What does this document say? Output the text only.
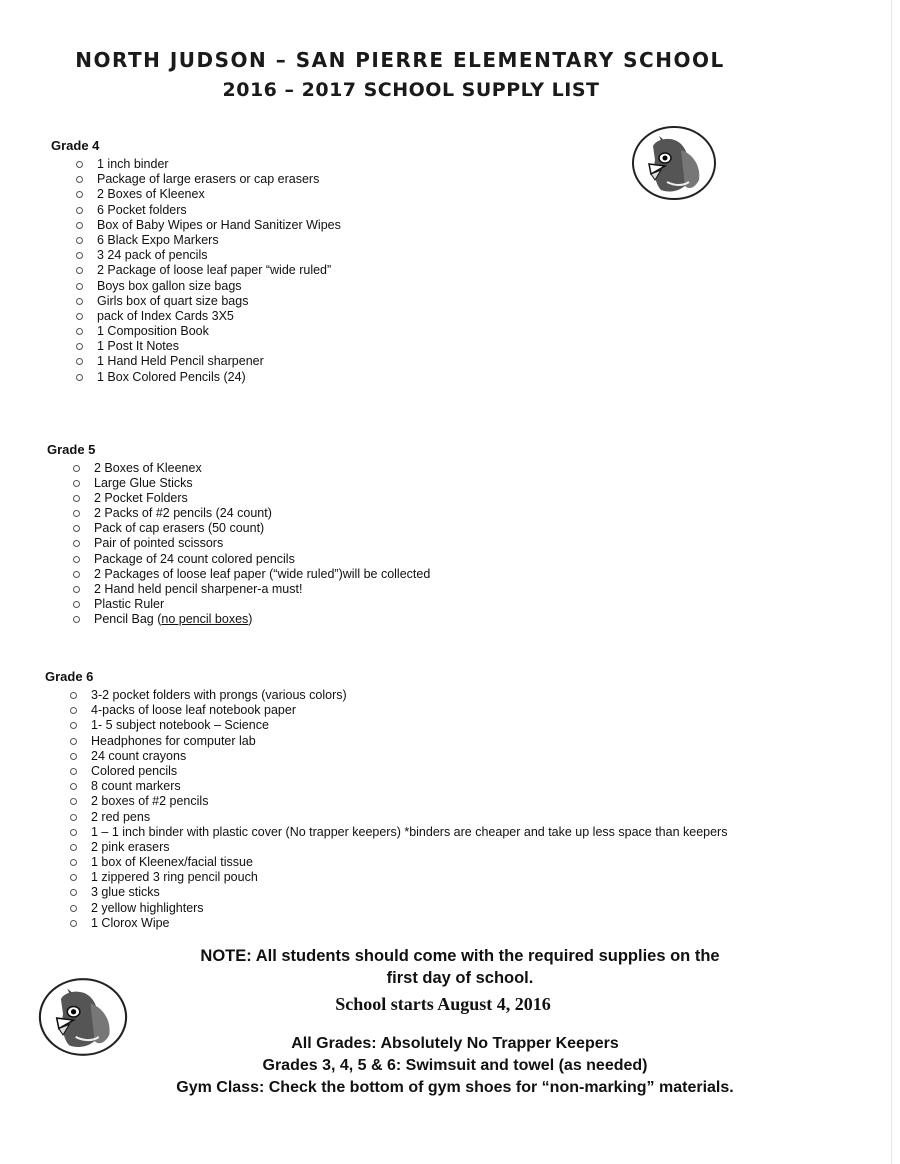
NORTH JUDSON – SAN PIERRE ELEMENTARY SCHOOL
2016 – 2017 SCHOOL SUPPLY LIST
Grade 4
1 inch binder
Package of large erasers or cap erasers
2 Boxes of Kleenex
6 Pocket folders
Box of Baby Wipes or Hand Sanitizer Wipes
6 Black Expo Markers
3 24 pack of pencils
2 Package of loose leaf paper “wide ruled”
Boys box gallon size bags
Girls box of quart size bags
pack of Index Cards 3X5
1 Composition Book
1 Post It Notes
1 Hand Held Pencil sharpener
1 Box Colored Pencils (24)
Grade 5
2 Boxes of Kleenex
Large Glue Sticks
2 Pocket Folders
2 Packs of #2 pencils (24 count)
Pack of cap erasers (50 count)
Pair of pointed scissors
Package of 24 count colored pencils
2 Packages of loose leaf paper (“wide ruled”)will be collected
2 Hand held pencil sharpener-a must!
Plastic Ruler
Pencil Bag (no pencil boxes)
Grade 6
3-2 pocket folders with prongs (various colors)
4-packs of loose leaf notebook paper
1- 5 subject notebook – Science
Headphones for computer lab
24 count crayons
Colored pencils
8 count markers
2 boxes of #2 pencils
2 red pens
1 – 1 inch binder with plastic cover (No trapper keepers) *binders are cheaper and take up less space than keepers
2 pink erasers
1 box of Kleenex/facial tissue
1 zippered 3 ring pencil pouch
3 glue sticks
2 yellow highlighters
1 Clorox Wipe
NOTE: All students should come with the required supplies on the
first day of school.
School starts August 4, 2016
All Grades: Absolutely No Trapper Keepers
Grades 3, 4, 5 & 6: Swimsuit and towel (as needed)
Gym Class: Check the bottom of gym shoes for “non-marking” materials.
